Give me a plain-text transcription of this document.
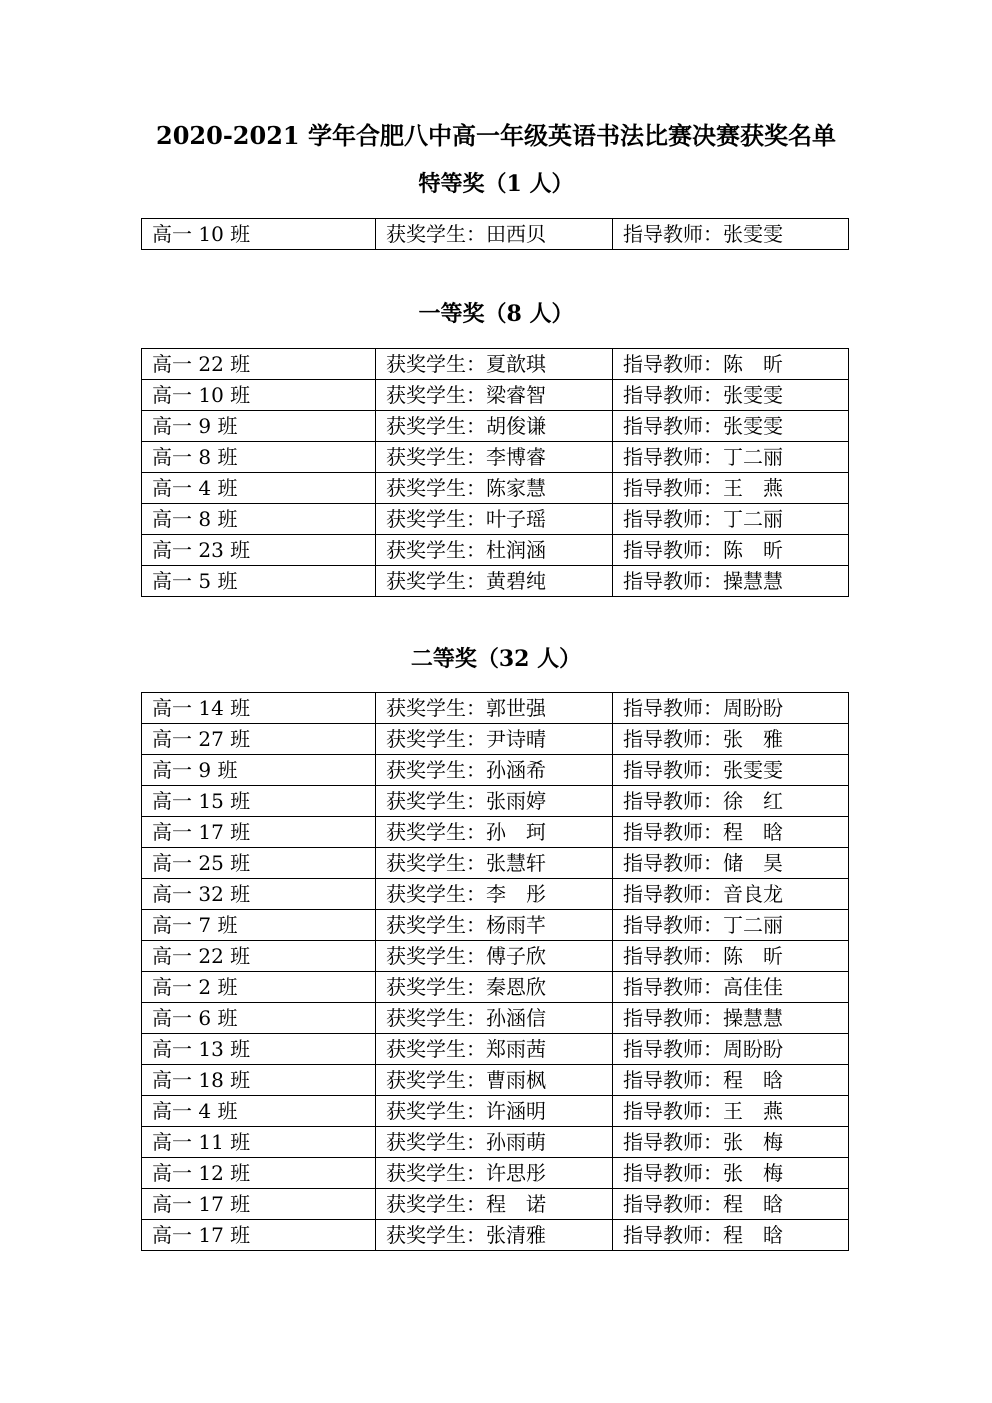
2020-2021 学年合肥八中高一年级英语书法比赛决赛获奖名单
特等奖（1 人）
高一 10 班	获奖学生：田西贝	指导教师：张雯雯
一等奖（8 人）
高一 22 班	获奖学生：夏歆琪	指导教师：陈　昕
高一 10 班	获奖学生：梁睿智	指导教师：张雯雯
高一 9 班	获奖学生：胡俊谦	指导教师：张雯雯
高一 8 班	获奖学生：李博睿	指导教师：丁二丽
高一 4 班	获奖学生：陈家慧	指导教师：王　燕
高一 8 班	获奖学生：叶子瑶	指导教师：丁二丽
高一 23 班	获奖学生：杜润涵	指导教师：陈　昕
高一 5 班	获奖学生：黄碧纯	指导教师：操慧慧
二等奖（32 人）
高一 14 班	获奖学生：郭世强	指导教师：周盼盼
高一 27 班	获奖学生：尹诗晴	指导教师：张　雅
高一 9 班	获奖学生：孙涵希	指导教师：张雯雯
高一 15 班	获奖学生：张雨婷	指导教师：徐　红
高一 17 班	获奖学生：孙　珂	指导教师：程　晗
高一 25 班	获奖学生：张慧轩	指导教师：储　昊
高一 32 班	获奖学生：李　彤	指导教师：音良龙
高一 7 班	获奖学生：杨雨芊	指导教师：丁二丽
高一 22 班	获奖学生：傅子欣	指导教师：陈　昕
高一 2 班	获奖学生：秦恩欣	指导教师：高佳佳
高一 6 班	获奖学生：孙涵信	指导教师：操慧慧
高一 13 班	获奖学生：郑雨茜	指导教师：周盼盼
高一 18 班	获奖学生：曹雨枫	指导教师：程　晗
高一 4 班	获奖学生：许涵明	指导教师：王　燕
高一 11 班	获奖学生：孙雨萌	指导教师：张　梅
高一 12 班	获奖学生：许思彤	指导教师：张　梅
高一 17 班	获奖学生：程　诺	指导教师：程　晗
高一 17 班	获奖学生：张清雅	指导教师：程　晗
